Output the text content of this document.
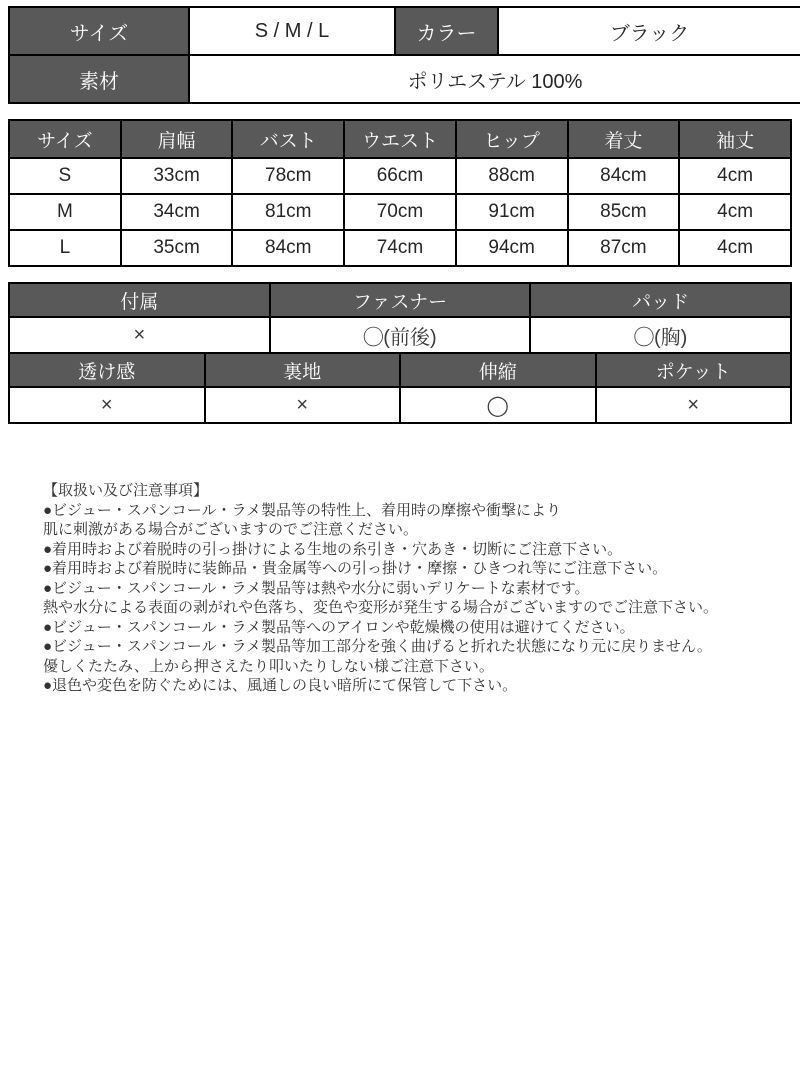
サイズ	S / M / L	カラー	ブラック
素材	ポリエステル 100%		
サイズ	肩幅	バスト	ウエスト	ヒップ	着丈	袖丈
S	33cm	78cm	66cm	88cm	84cm	4cm
M	34cm	81cm	70cm	91cm	85cm	4cm
L	35cm	84cm	74cm	94cm	87cm	4cm
付属	ファスナー	パッド
×	◯(前後)	◯(胸)
透け感	裏地	伸縮	ポケット
×	×	◯	×
【取扱い及び注意事項】
●ビジュー・スパンコール・ラメ製品等の特性上、着用時の摩擦や衝撃により
肌に刺激がある場合がございますのでご注意ください。
●着用時および着脱時の引っ掛けによる生地の糸引き・穴あき・切断にご注意下さい。
●着用時および着脱時に装飾品・貴金属等への引っ掛け・摩擦・ひきつれ等にご注意下さい。
●ビジュー・スパンコール・ラメ製品等は熱や水分に弱いデリケートな素材です。
熱や水分による表面の剥がれや色落ち、変色や変形が発生する場合がございますのでご注意下さい。
●ビジュー・スパンコール・ラメ製品等へのアイロンや乾燥機の使用は避けてください。
●ビジュー・スパンコール・ラメ製品等加工部分を強く曲げると折れた状態になり元に戻りません。
優しくたたみ、上から押さえたり叩いたりしない様ご注意下さい。
●退色や変色を防ぐためには、風通しの良い暗所にて保管して下さい。
